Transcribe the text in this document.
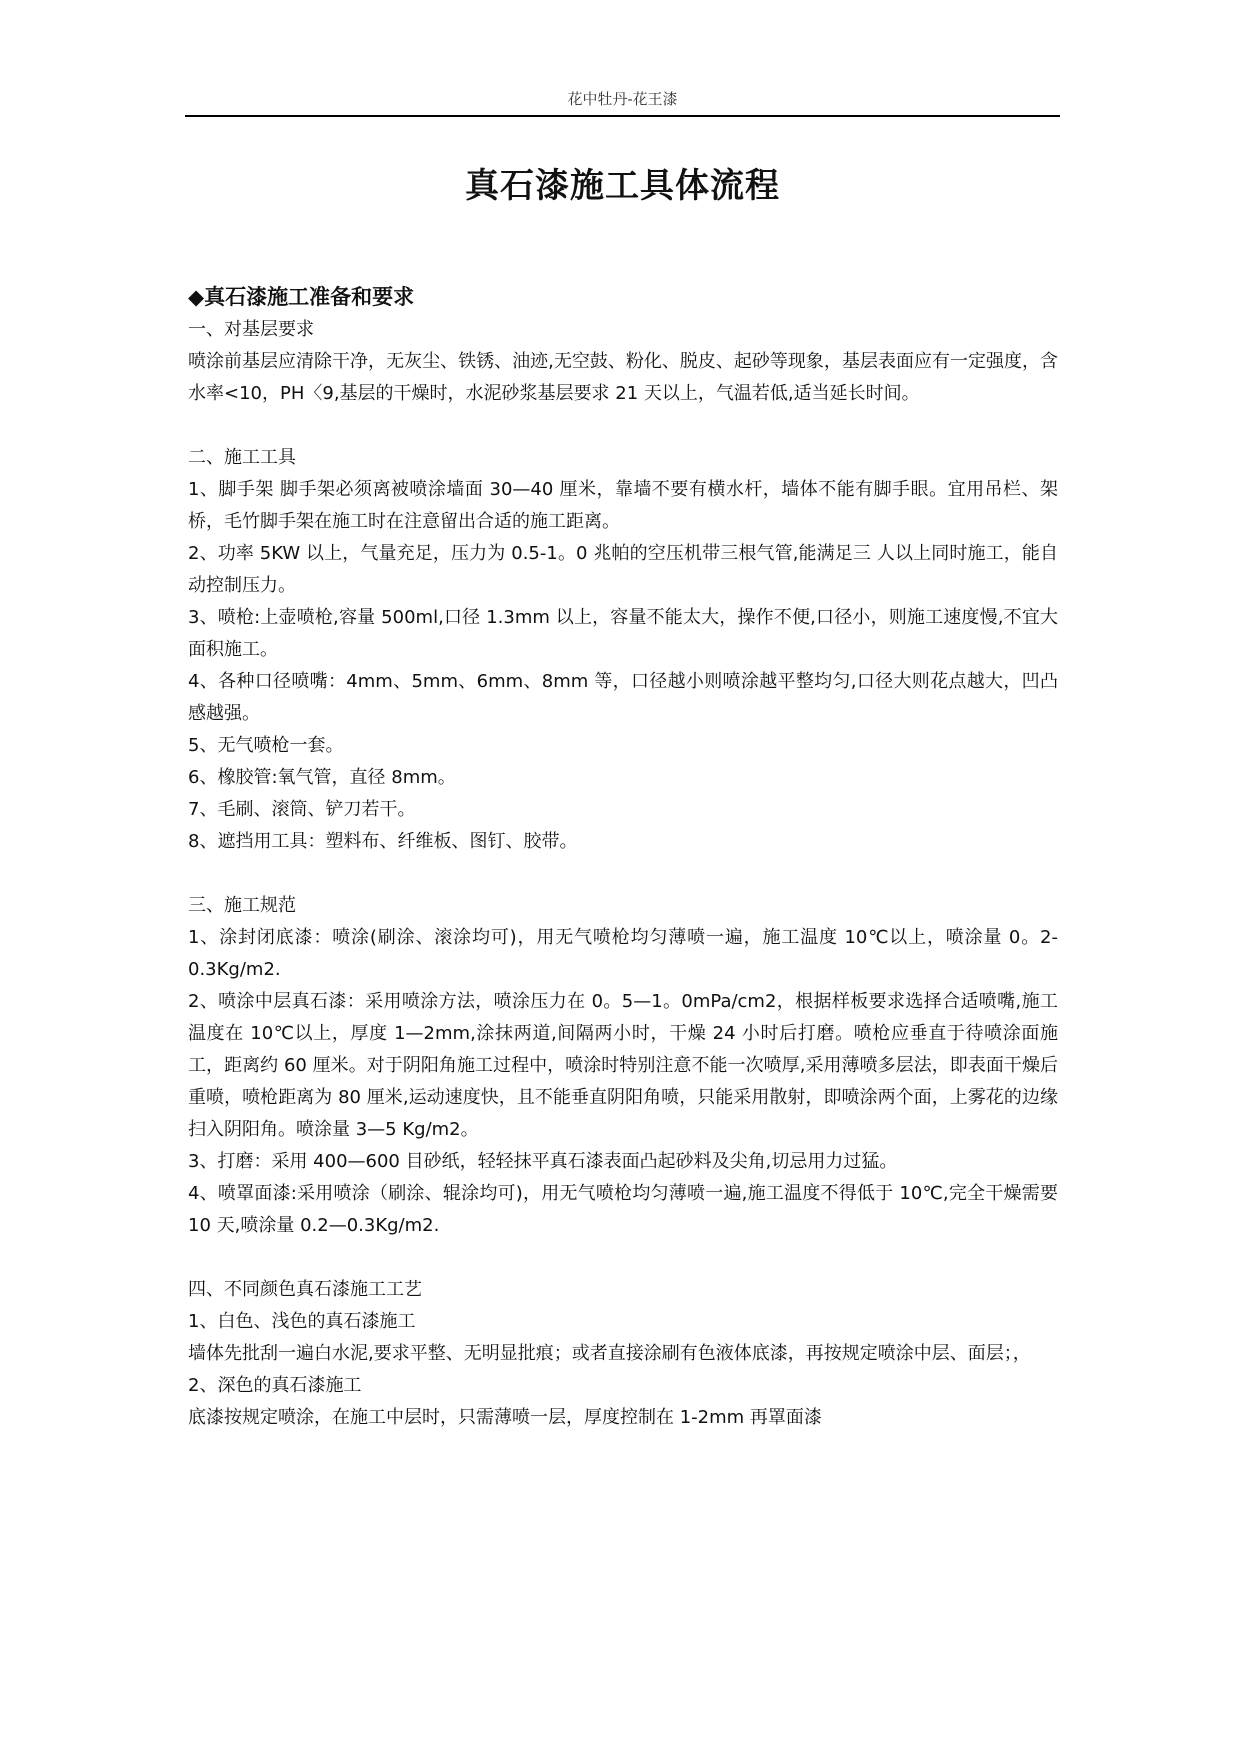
花中牡丹-花王漆
真石漆施工具体流程

◆真石漆施工准备和要求

一、对基层要求

喷涂前基层应清除干净，无灰尘、铁锈、油迹,无空鼓、粉化、脱皮、起砂等现象，基层表面应有一定强度，含水率<10，PH〈9,基层的干燥时，水泥砂浆基层要求 21 天以上，气温若低,适当延长时间。

二、施工工具

1、脚手架 脚手架必须离被喷涂墙面 30—40 厘米，靠墙不要有横水杆，墙体不能有脚手眼。宜用吊栏、架桥，毛竹脚手架在施工时在注意留出合适的施工距离。

2、功率 5KW 以上，气量充足，压力为 0.5-1。0 兆帕的空压机带三根气管,能满足三 人以上同时施工，能自动控制压力。

3、喷枪:上壶喷枪,容量 500ml,口径 1.3mm 以上，容量不能太大，操作不便,口径小，则施工速度慢,不宜大面积施工。

4、各种口径喷嘴：4mm、5mm、6mm、8mm 等，口径越小则喷涂越平整均匀,口径大则花点越大，凹凸感越强。

5、无气喷枪一套。

6、橡胶管:氧气管，直径 8mm。

7、毛刷、滚筒、铲刀若干。

8、遮挡用工具：塑料布、纤维板、图钉、胶带。

三、施工规范

1、涂封闭底漆：喷涂(刷涂、滚涂均可)，用无气喷枪均匀薄喷一遍，施工温度 10℃以上，喷涂量 0。2-0.3Kg/m2.

2、喷涂中层真石漆：采用喷涂方法，喷涂压力在 0。5—1。0mPa/cm2，根据样板要求选择合适喷嘴,施工温度在 10℃以上，厚度 1—2mm,涂抹两道,间隔两小时，干燥 24 小时后打磨。喷枪应垂直于待喷涂面施工，距离约 60 厘米。对于阴阳角施工过程中，喷涂时特别注意不能一次喷厚,采用薄喷多层法，即表面干燥后重喷，喷枪距离为 80 厘米,运动速度快，且不能垂直阴阳角喷，只能采用散射，即喷涂两个面，上雾花的边缘扫入阴阳角。喷涂量 3—5 Kg/m2。

3、打磨：采用 400—600 目砂纸，轻轻抹平真石漆表面凸起砂料及尖角,切忌用力过猛。

4、喷罩面漆:采用喷涂（刷涂、辊涂均可)，用无气喷枪均匀薄喷一遍,施工温度不得低于 10℃,完全干燥需要 10 天,喷涂量 0.2—0.3Kg/m2.

四、不同颜色真石漆施工工艺

1、白色、浅色的真石漆施工

墙体先批刮一遍白水泥,要求平整、无明显批痕；或者直接涂刷有色液体底漆，再按规定喷涂中层、面层；，

2、深色的真石漆施工

底漆按规定喷涂，在施工中层时，只需薄喷一层，厚度控制在 1-2mm 再罩面漆
